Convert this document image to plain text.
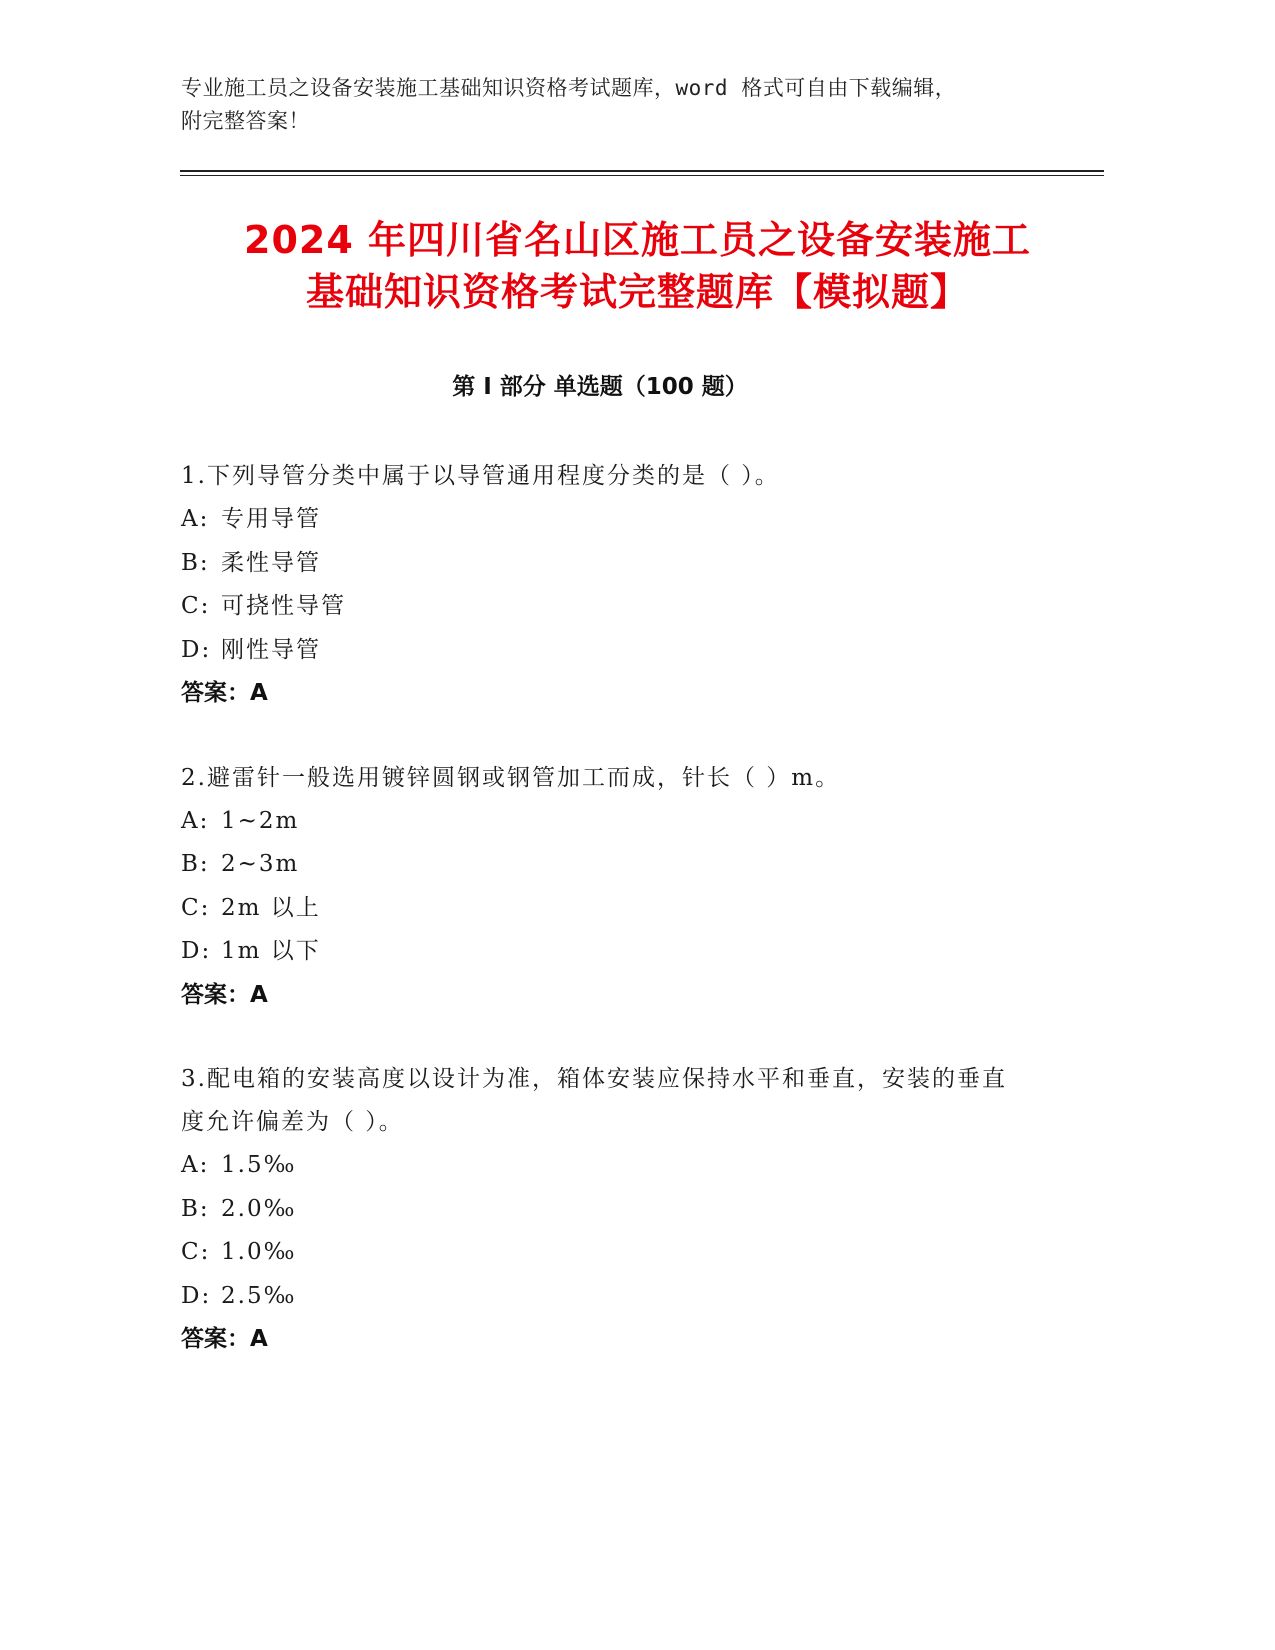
专业施工员之设备安装施工基础知识资格考试题库，word 格式可自由下载编辑，
附完整答案！
2024 年四川省名山区施工员之设备安装施工
基础知识资格考试完整题库【模拟题】
第 I 部分 单选题（100 题）
1.下列导管分类中属于以导管通用程度分类的是（ ）。
A: 专用导管
B: 柔性导管
C: 可挠性导管
D: 刚性导管
答案：A
2.避雷针一般选用镀锌圆钢或钢管加工而成，针长（ ）m。
A: 1~2m
B: 2~3m
C: 2m 以上
D: 1m 以下
答案：A
3.配电箱的安装高度以设计为准，箱体安装应保持水平和垂直，安装的垂直度允许偏差为（ ）。
A: 1.5‰
B: 2.0‰
C: 1.0‰
D: 2.5‰
答案：A
